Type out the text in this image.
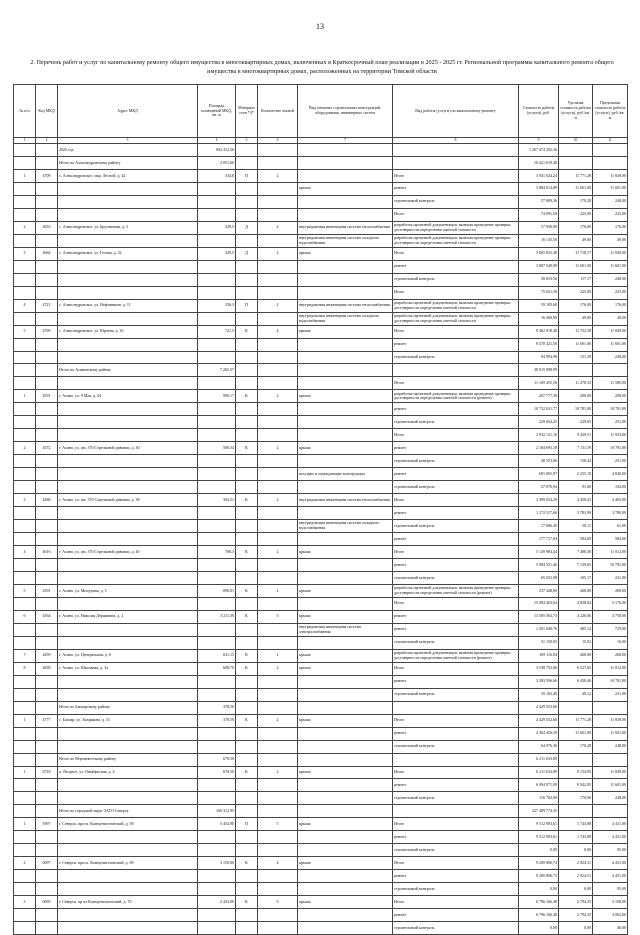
13
2. Перечень работ и услуг по капитальному ремонту общего имущества в многоквартирных домах, включенных в Краткосрочный план реализации в 2025 - 2025 гг. Региональной программы капитального ремонта общего имущества в многоквартирных домах, расположенных на территории Томской области
№ п/п	Код МКД	Адрес МКД	Площадь помещений МКД, кв. м	Материал стен *4*	Количество этажей	Вид элемента строительных конструкций, оборудования, инженерных систем	Вид работы (услуги) по капитальному ремонту	Стоимость работы (услуги), руб.	Удельная стоимость работы (услуги), руб./кв. м	Предельная стоимость работы (услуги), руб./кв. м
1	2	3	4	5	6	7	8	9	10	11
		2025 год	692 412,56					1 267 474 292,26		
		Итого по Александровскому району	2 051,60					16 421 619,48		
1	4709	с. Александровское, мкр. Лесной, д. 42	334,8	П	2		Итого	3 941 024,24	11 771,28	11 849,00
						крыша	ремонт	3 884 014,88	11 601,00	11 601,00
							строительный контроль	57 009,36	170,28	248,00
							Итого	74 091,50	225,00	225,00
2	4653	с. Александровское, ул. Брусничная, д. 5	329,5	Д	2	внутридомовая инженерная система теплоснабжения	разработка проектной документации, включая проведение проверки достоверности определения сметной стоимости	57 956,00	176,00	176,00
						внутридомовая инженерная система холодного водоснабжения	разработка проектной документации, включая проведение проверки достоверности определения сметной стоимости	16 135,50	49,00	49,00
3	4664	с. Александровское, ул. Голова, д. 32	329,5	Д	2	крыша	Итого	3 865 823,48	11 718,17	11 849,00
							ремонт	3 807 549,90	11 601,00	11 601,00
							строительный контроль	58 653,56	117,17	248,00
							Итого	75 651,50	225,00	225,00
4	4721	с. Александровское, ул. Нефтяников, д. 11	336,3	П	2	внутридомовая инженерная система теплоснабжения	разработка проектной документации, включая проведение проверки достоверности определения сметной стоимости	59 183,60	176,00	176,00
						внутридомовая инженерная система холодного водоснабжения	разработка проектной документации, включая проведение проверки достоверности определения сметной стоимости	16 468,90	49,00	49,00
5	4769	с. Александровское, ул. Юрчева, д. 16	721,5	К	4	крыша	Итого	8 462 918,48	11 732,58	11 849,00
							ремонт	8 370 321,50	11 601,00	11 601,00
							строительный контроль	94 994,98	131,58	248,00
		Итого по Асиновскому району	7 265,57					38 915 098,99		
							Итого	11 169 455,56	11 278,33	11 580,00
1	4591	г. Асино, ул. 9 Мая, д. 64	990,17	К	2	крыша	разработка проектной документации, включая проведение проверки достоверности определения сметной стоимости (ремонт)	207 777,39	208,00	208,00
							ремонт	10 732 031,77	10 781,00	10 781,00
							строительный контроль	229 654,25	229,65	251,00
							Итого	2 932 121,16	9 439,51	11 953,00
2	4572	г. Асино, ул. им. 370 Стрелковой дивизии, д. 30	506,54	К	2	крыша	ремонт	2 184 695,18	7 131,59	10 781,00
							строительный контроль	48 553,06	158,44	251,00
						несущие и ограждающие конструкции	ремонт	691 065,97	2 255,18	4 840,00
							строительный контроль	27 876,94	91,00	104,00
3	4486	г. Асино, ул. им. 370 Стрелковой дивизии, д. 38	304,51	К	2	внутридомовая инженерная система теплоснабжения	Итого	3 389 054,29	4 458,41	4 465,00
							ремонт	1 172 517,66	3 783,99	3 780,00
						внутридомовая инженерная система холодного водоснабжения	строительный контроль	17 686,49	58,11	61,00
							ремонт	177 717,04	584,00	584,00
4	4616	г. Асино, ул. им. 370 Стрелковой дивизии, д. 40	708,3	К	2	крыша	Итого	5 149 984,44	7 488,30	11 012,00
							ремонт	5 084 551,46	7 139,65	10 781,00
							строительный контроль	65 032,98	105,17	231,00
5	4391	г. Асино, ул. Мичурина, д. 5	890,01	К	2	крыша	разработка проектной документации, включая проведение проверки достоверности определения сметной стоимости (ремонт)	237 448,00	268,00	268,00
							Итого	15 084 463,64	4 838,84	5 176,00
6	4564	г. Асино, ул. Николая Державина, д. 2	3 211,30	К	5	крыша	ремонт	13 585 563,73	4 226,06	4 758,00
						внутридомовая инженерная система электроснабжения	ремонт	1 201 640,76	485,14	729,00
							строительный контроль	51 159,05	15,92	16,00
7	4459	г. Асино, ул. Центральная, д. 6	631,15	К	2	крыша	разработка проектной документации, включая проведение проверки достоверности определения сметной стоимости (ремонт)	169 116,04	268,00	268,00
8	4658	г. Асино, ул. Школьная, д. 3а	608,70	К	2	крыша	Итого	3 538 752,06	6 527,65	11 012,00
							ремонт	3 283 596,66	6 458,46	10 781,00
							строительный контроль	35 165,40	49,12	231,00
		Итого по Бакчарскому району	378,50					4 429 552,66		
1	4777	с. Бакчар, ул. Хохрякова, д. 51	378,50	К	2	крыша	Итого	4 429 552,66	11 771,28	11 849,00
							ремонт	4 364 456,50	11 601,00	11 601,00
							строительный контроль	64 076,36	170,28	248,00
		Итого по Верхнекетскому району	678,50					6 211 633,89		
1	6718	п. Ягодное, ул. Октябрьская, д. 4	678,50	К	2	крыша	Итого	6 211 633,89	9 154,95	11 849,00
							ремонт	6 094 971,09	8 942,95	11 601,00
							строительный контроль	116 702,00	170,00	248,00
		Итого по городской округ ЗАТО Северск	166 312,95					227 409 774,35		
1	5997	г. Северск, просп. Коммунистический, д. 58	5 454,90	П	5	крыша	Итого	9 512 983,61	1 743,88	4 431,00
							ремонт	9 512 983,61	1 743,88	4 431,00
							строительный контроль	0,00	0,00	95,00
2	6097	г. Северск, просп. Коммунистический, д. 69	3 150,80	К	4	крыша	Итого	9 200 806,73	2 924,51	4 431,00
							ремонт	9 200 806,73	2 924,51	4 431,00
							строительный контроль	0,00	0,00	95,00
3	6093	г. Северск, пр-кт Коммунистический, д. 70	2 433,00	К	9	крыша	Итого	6 796 166,48	2 794,35	3 108,00
							ремонт	6 796 166,48	2 794,35	3 062,00
							строительный контроль	0,00	0,00	46,00
